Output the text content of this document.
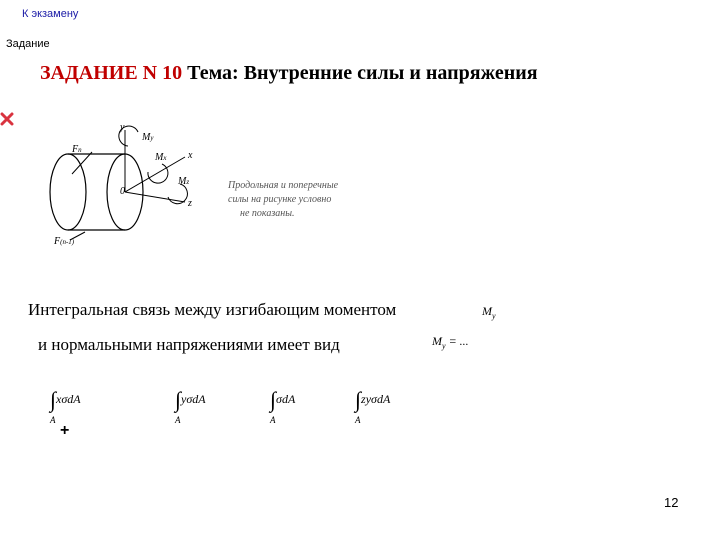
К экзамену
Задание
ЗАДАНИЕ N 10 Тема: Внутренние силы и напряжения
y
x
z
0
My
Mx
Mz
Fn
F(n-1)
Продольная и поперечные
силы на рисунке условно
не показаны.
Интегральная связь между изгибающим моментом	$M_y$
и нормальными напряжениями имеет вид	$M_y$ = ...
∫xσdA
A
∫yσdA
A
∫σdA
A
∫zyσdA
A
+
12
